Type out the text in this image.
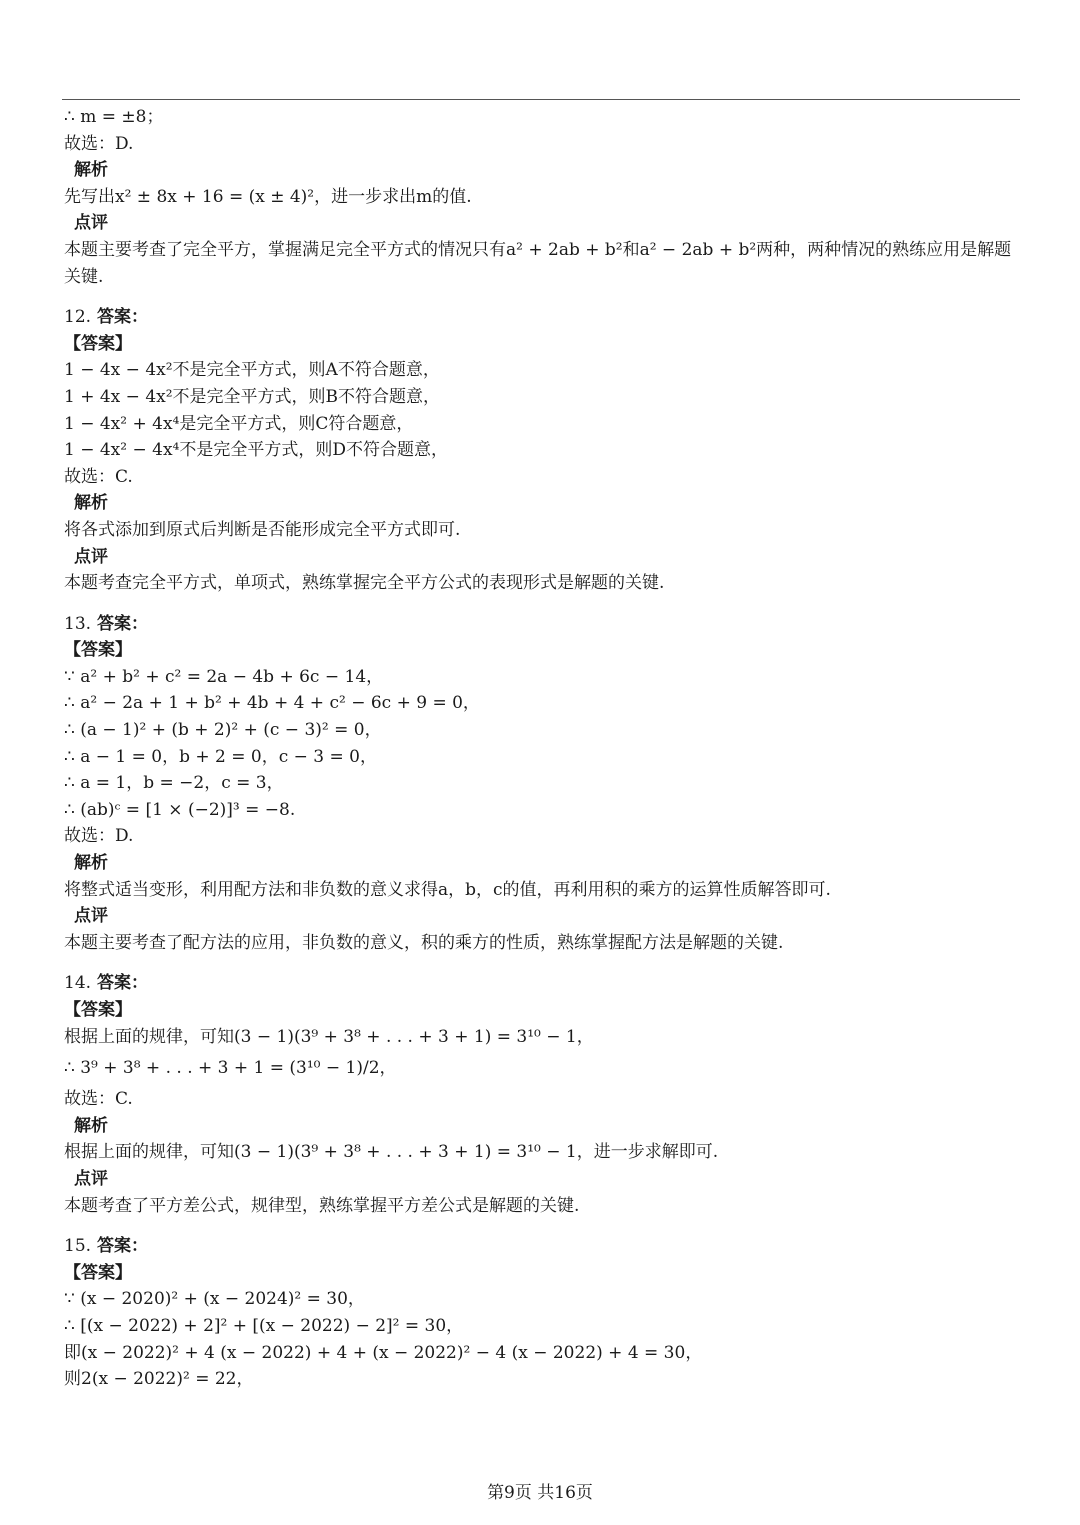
∴ m = ±8；
故选：D.
解析
先写出x² ± 8x + 16 = (x ± 4)²，进一步求出m的值.
点评
本题主要考查了完全平方，掌握满足完全平方式的情况只有a² + 2ab + b²和a² − 2ab + b²两种，两种情况的熟练应用是解题关键.
12. 答案：
【答案】
1 − 4x − 4x²不是完全平方式，则A不符合题意，
1 + 4x − 4x²不是完全平方式，则B不符合题意，
1 − 4x² + 4x⁴是完全平方式，则C符合题意，
1 − 4x² − 4x⁴不是完全平方式，则D不符合题意，
故选：C.
解析
将各式添加到原式后判断是否能形成完全平方式即可.
点评
本题考查完全平方式，单项式，熟练掌握完全平方公式的表现形式是解题的关键.
13. 答案：
【答案】
∵ a² + b² + c² = 2a − 4b + 6c − 14，
∴ a² − 2a + 1 + b² + 4b + 4 + c² − 6c + 9 = 0，
∴ (a − 1)² + (b + 2)² + (c − 3)² = 0，
∴ a − 1 = 0，b + 2 = 0，c − 3 = 0，
∴ a = 1，b = −2，c = 3，
∴ (ab)ᶜ = [1 × (−2)]³ = −8.
故选：D.
解析
将整式适当变形，利用配方法和非负数的意义求得a，b，c的值，再利用积的乘方的运算性质解答即可.
点评
本题主要考查了配方法的应用，非负数的意义，积的乘方的性质，熟练掌握配方法是解题的关键.
14. 答案：
【答案】
根据上面的规律，可知(3 − 1)(3⁹ + 3⁸ + . . . + 3 + 1) = 3¹⁰ − 1，
∴ 3⁹ + 3⁸ + . . . + 3 + 1 = (3¹⁰ − 1)/2，
故选：C.
解析
根据上面的规律，可知(3 − 1)(3⁹ + 3⁸ + . . . + 3 + 1) = 3¹⁰ − 1，进一步求解即可.
点评
本题考查了平方差公式，规律型，熟练掌握平方差公式是解题的关键.
15. 答案：
【答案】
∵ (x − 2020)² + (x − 2024)² = 30，
∴ [(x − 2022) + 2]² + [(x − 2022) − 2]² = 30，
即(x − 2022)² + 4 (x − 2022) + 4 + (x − 2022)² − 4 (x − 2022) + 4 = 30，
则2(x − 2022)² = 22，
第9页 共16页
